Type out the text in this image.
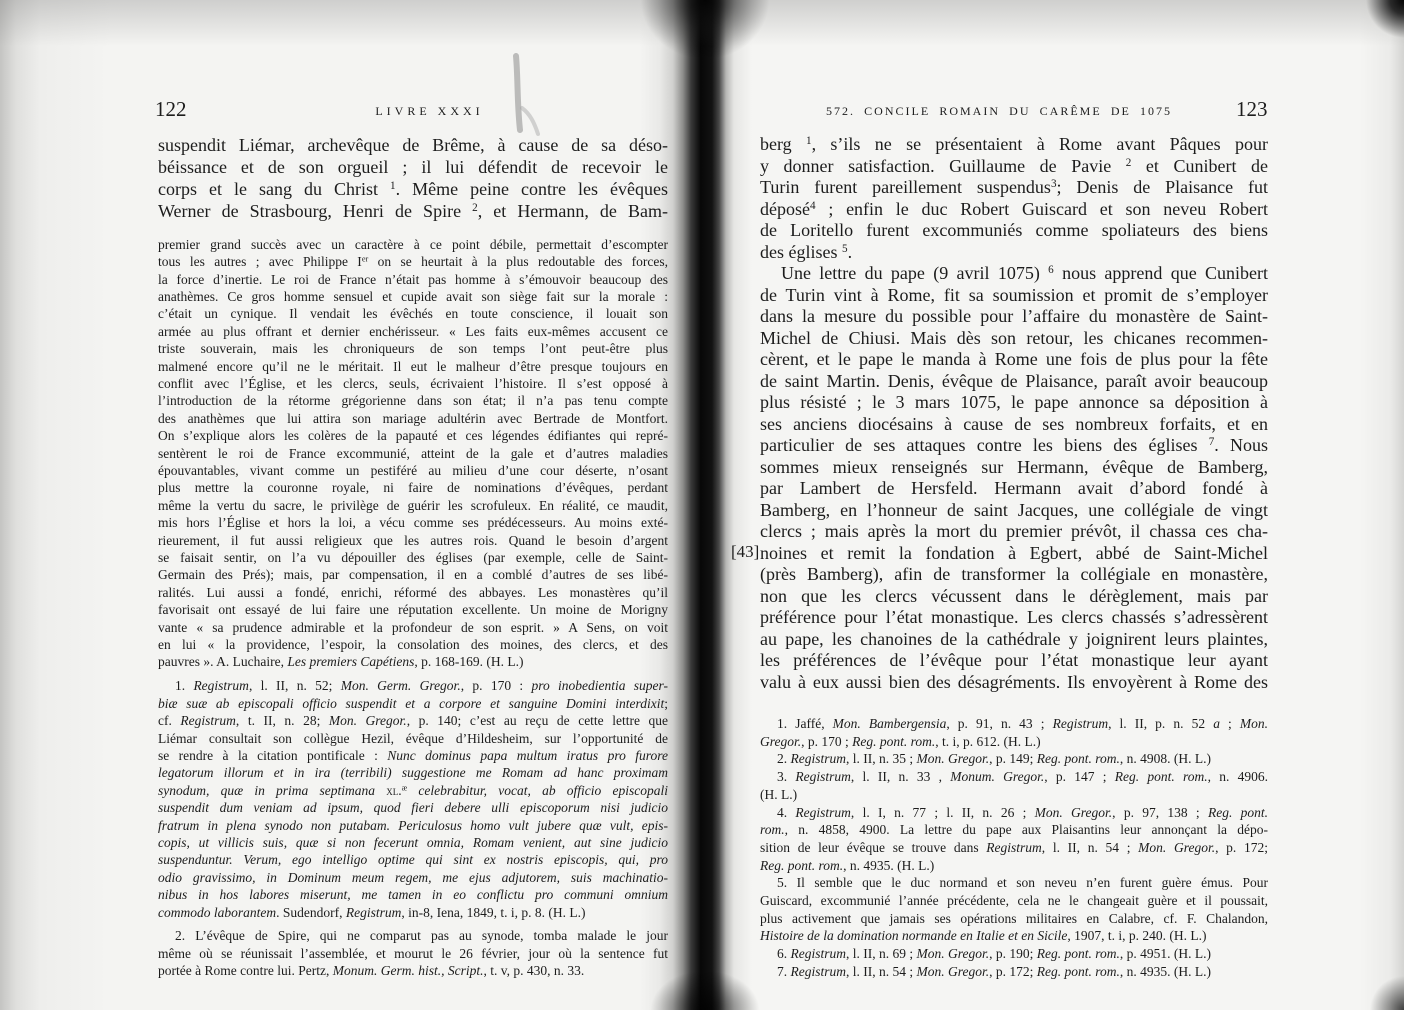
122	LIVRE XXXI
suspendit Liémar, archevêque de Brême, à cause de sa déso-
béissance et de son orgueil ; il lui défendit de recevoir le
corps et le sang du Christ $^1$. Même peine contre les évêques
Werner de Strasbourg, Henri de Spire $^2$, et Hermann, de Bam-
premier grand succès avec un caractère à ce point débile, permettait d’escompter
tous les autres ; avec Philippe Ier on se heurtait à la plus redoutable des forces,
la force d’inertie. Le roi de France n’était pas homme à s’émouvoir beaucoup des
anathèmes. Ce gros homme sensuel et cupide avait son siège fait sur la morale :
c’était un cynique. Il vendait les évêchés en toute conscience, il louait son
armée au plus offrant et dernier enchérisseur. « Les faits eux-mêmes accusent ce
triste souverain, mais les chroniqueurs de son temps l’ont peut-être plus
malmené encore qu’il ne le méritait. Il eut le malheur d’être presque toujours en
conflit avec l’Église, et les clercs, seuls, écrivaient l’histoire. Il s’est opposé à
l’introduction de la rétorme grégorienne dans son état; il n’a pas tenu compte
des anathèmes que lui attira son mariage adultérin avec Bertrade de Montfort.
On s’explique alors les colères de la papauté et ces légendes édifiantes qui repré-
sentèrent le roi de France excommunié, atteint de la gale et d’autres maladies
épouvantables, vivant comme un pestiféré au milieu d’une cour déserte, n’osant
plus mettre la couronne royale, ni faire de nominations d’évêques, perdant
même la vertu du sacre, le privilège de guérir les scrofuleux. En réalité, ce maudit,
mis hors l’Église et hors la loi, a vécu comme ses prédécesseurs. Au moins exté-
rieurement, il fut aussi religieux que les autres rois. Quand le besoin d’argent
se faisait sentir, on l’a vu dépouiller des églises (par exemple, celle de Saint-
Germain des Prés); mais, par compensation, il en a comblé d’autres de ses libé-
ralités. Lui aussi a fondé, enrichi, réformé des abbayes. Les monastères qu’il
favorisait ont essayé de lui faire une réputation excellente. Un moine de Morigny
vante « sa prudence admirable et la profondeur de son esprit. » A Sens, on voit
en lui « la providence, l’espoir, la consolation des moines, des clercs, et des
pauvres ». A. Luchaire, Les premiers Capétiens, p. 168-169. (H. L.)
1. Registrum, l. II, n. 52; Mon. Germ. Gregor., p. 170 : pro inobedientia super-
biæ suæ ab episcopali officio suspendit et a corpore et sanguine Domini interdixit;
cf. Registrum, t. II, n. 28; Mon. Gregor., p. 140; c’est au reçu de cette lettre que
Liémar consultait son collègue Hezil, évêque d’Hildesheim, sur l’opportunité de
se rendre à la citation pontificale : Nunc dominus papa multum iratus pro furore
legatorum illorum et in ira (terribili) suggestione me Romam ad hanc proximam
synodum, quæ in prima septimana xl.$^æ$ celebrabitur, vocat, ab officio episcopali
suspendit dum veniam ad ipsum, quod fieri debere ulli episcoporum nisi judicio
fratrum in plena synodo non putabam. Periculosus homo vult jubere quæ vult, epis-
copis, ut villicis suis, quæ si non fecerunt omnia, Romam venient, aut sine judicio
suspenduntur. Verum, ego intelligo optime qui sint ex nostris episcopis, qui, pro
odio gravissimo, in Dominum meum regem, me ejus adjutorem, suis machinatio-
nibus in hos labores miserunt, me tamen in eo conflictu pro communi omnium
commodo laborantem. Sudendorf, Registrum, in-8, Iena, 1849, t. i, p. 8. (H. L.)
2. L’évêque de Spire, qui ne comparut pas au synode, tomba malade le jour
même où se réunissait l’assemblée, et mourut le 26 février, jour où la sentence fut
portée à Rome contre lui. Pertz, Monum. Germ. hist., Script., t. v, p. 430, n. 33.
123
572. CONCILE ROMAIN DU CARÊME DE 1075
[43]
berg $^1$, s’ils ne se présentaient à Rome avant Pâques pour
y donner satisfaction. Guillaume de Pavie $^2$ et Cunibert de
Turin furent pareillement suspendus$^3$; Denis de Plaisance fut
déposé$^4$ ; enfin le duc Robert Guiscard et son neveu Robert
de Loritello furent excommuniés comme spoliateurs des biens
des églises $^5$.
Une lettre du pape (9 avril 1075) $^6$ nous apprend que Cunibert
de Turin vint à Rome, fit sa soumission et promit de s’employer
dans la mesure du possible pour l’affaire du monastère de Saint-
Michel de Chiusi. Mais dès son retour, les chicanes recommen-
cèrent, et le pape le manda à Rome une fois de plus pour la fête
de saint Martin. Denis, évêque de Plaisance, paraît avoir beaucoup
plus résisté ; le 3 mars 1075, le pape annonce sa déposition à
ses anciens diocésains à cause de ses nombreux forfaits, et en
particulier de ses attaques contre les biens des églises $^7$. Nous
sommes mieux renseignés sur Hermann, évêque de Bamberg,
par Lambert de Hersfeld. Hermann avait d’abord fondé à
Bamberg, en l’honneur de saint Jacques, une collégiale de vingt
clercs ; mais après la mort du premier prévôt, il chassa ces cha-
noines et remit la fondation à Egbert, abbé de Saint-Michel
(près Bamberg), afin de transformer la collégiale en monastère,
non que les clercs vécussent dans le dérèglement, mais par
préférence pour l’état monastique. Les clercs chassés s’adressèrent
au pape, les chanoines de la cathédrale y joignirent leurs plaintes,
les préférences de l’évêque pour l’état monastique leur ayant
valu à eux aussi bien des désagréments. Ils envoyèrent à Rome des
1. Jaffé, Mon. Bambergensia, p. 91, n. 43 ; Registrum, l. II, p. n. 52 a ; Mon.
Gregor., p. 170 ; Reg. pont. rom., t. i, p. 612. (H. L.)
2. Registrum, l. II, n. 35 ; Mon. Gregor., p. 149; Reg. pont. rom., n. 4908. (H. L.)
3. Registrum, l. II, n. 33 , Monum. Gregor., p. 147 ; Reg. pont. rom., n. 4906.
(H. L.)
4. Registrum, l. I, n. 77 ; l. II, n. 26 ; Mon. Gregor., p. 97, 138 ; Reg. pont.
rom., n. 4858, 4900. La lettre du pape aux Plaisantins leur annonçant la dépo-
sition de leur évêque se trouve dans Registrum, l. II, n. 54 ; Mon. Gregor., p. 172;
Reg. pont. rom., n. 4935. (H. L.)
5. Il semble que le duc normand et son neveu n’en furent guère émus. Pour
Guiscard, excommunié l’année précédente, cela ne le changeait guère et il poussait,
plus activement que jamais ses opérations militaires en Calabre, cf. F. Chalandon,
Histoire de la domination normande en Italie et en Sicile, 1907, t. i, p. 240. (H. L.)
6. Registrum, l. II, n. 69 ; Mon. Gregor., p. 190; Reg. pont. rom., p. 4951. (H. L.)
7. Registrum, l. II, n. 54 ; Mon. Gregor., p. 172; Reg. pont. rom., n. 4935. (H. L.)
